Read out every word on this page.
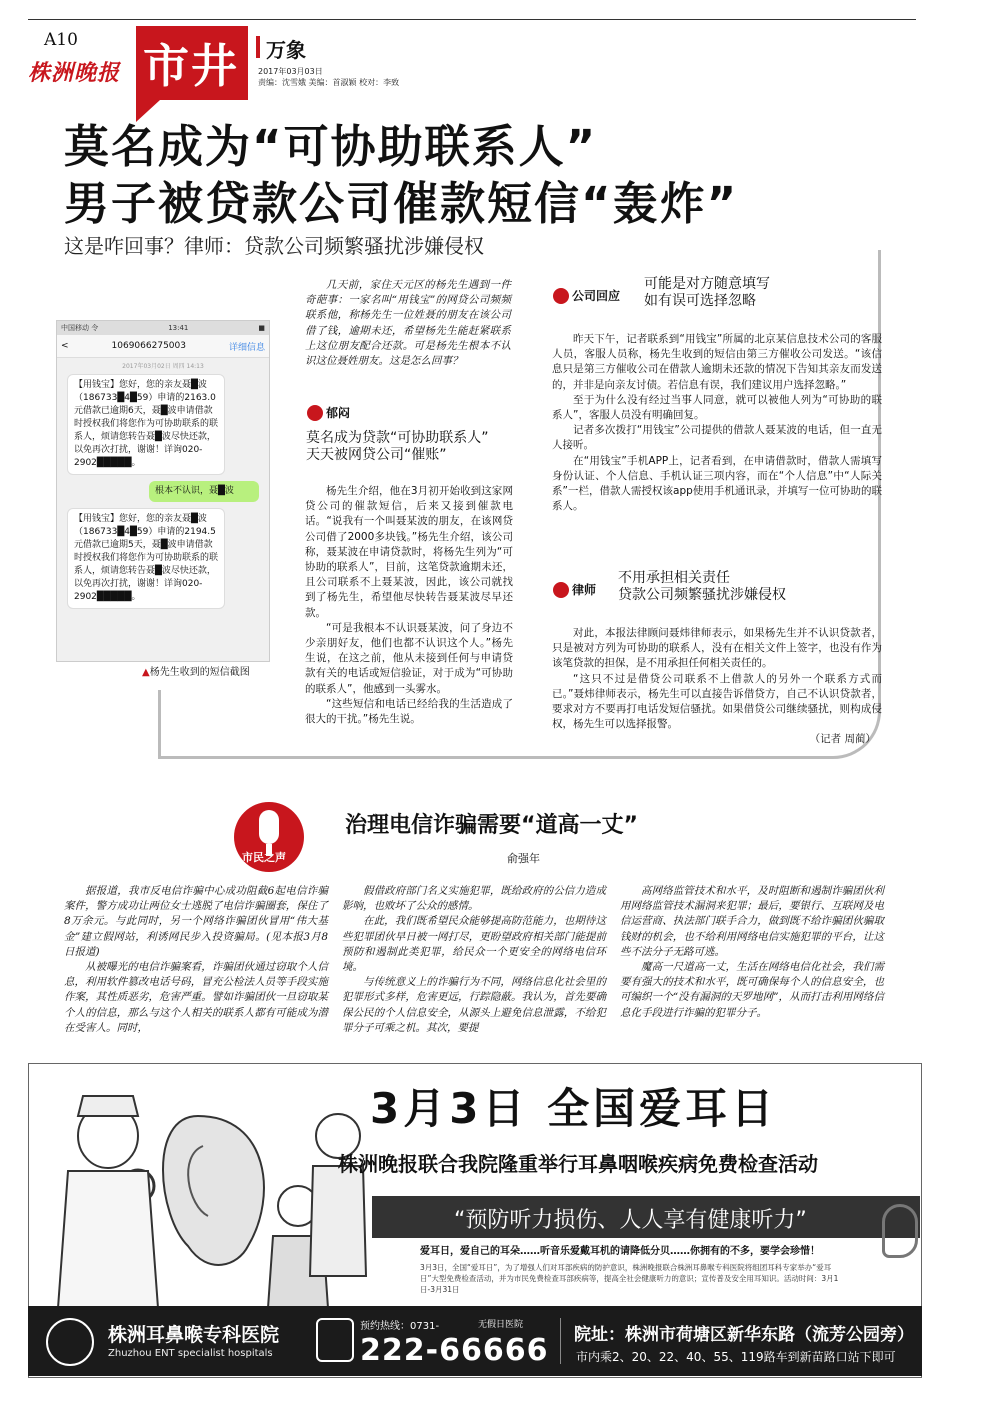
A10
株洲晚报 市井 万象
2017年03月03日
责编：沈雪娥 美编：首淑颖 校对：李致
莫名成为“可协助联系人”
男子被贷款公司催款短信“轰炸”
这是咋回事？律师：贷款公司频繁骚扰涉嫌侵权
中国移动 令	13:41	■
<	1069066275003	详细信息
2017年03月02日 周四 14:13
【用钱宝】您好，您的亲友聂█波（186733█4█59）申请的2163.0元借款已逾期6天，聂█波申请借款时授权我们将您作为可协助联系的联系人，烦请您转告聂█波尽快还款，以免再次打扰，谢谢！详询020-2902█████。
根本不认识，聂█波
【用钱宝】您好，您的亲友聂█波（186733█4█59）申请的2194.5元借款已逾期5天，聂█波申请借款时授权我们将您作为可协助联系的联系人，烦请您转告聂█波尽快还款，以免再次打扰，谢谢！详询020-2902█████。
▲杨先生收到的短信截图

几天前，家住天元区的杨先生遇到一件奇葩事：一家名叫“用钱宝”的网贷公司频频联系他，称杨先生一位姓聂的朋友在该公司借了钱，逾期未还，希望杨先生能赶紧联系上这位朋友配合还款。可是杨先生根本不认识这位聂姓朋友。这是怎么回事？

郁闷
莫名成为贷款“可协助联系人”
天天被网贷公司“催账”

杨先生介绍，他在3月初开始收到这家网贷公司的催款短信，后来又接到催款电话。“说我有一个叫聂某波的朋友，在该网贷公司借了2000多块钱。”杨先生介绍，该公司称，聂某波在申请贷款时，将杨先生列为“可协助的联系人”，目前，这笔贷款逾期未还，且公司联系不上聂某波，因此，该公司就找到了杨先生，希望他尽快转告聂某波尽早还款。

“可是我根本不认识聂某波，问了身边不少亲朋好友，他们也都不认识这个人。”杨先生说，在这之前，他从未接到任何与申请贷款有关的电话或短信验证，对于成为“可协助的联系人”，他感到一头雾水。

“这些短信和电话已经给我的生活造成了很大的干扰。”杨先生说。

公司回应
可能是对方随意填写
如有误可选择忽略

昨天下午，记者联系到“用钱宝”所属的北京某信息技术公司的客服人员，客服人员称，杨先生收到的短信由第三方催收公司发送。“该信息只是第三方催收公司在借款人逾期未还款的情况下告知其亲友而发送的，并非是向亲友讨债。若信息有误，我们建议用户选择忽略。”

至于为什么没有经过当事人同意，就可以被他人列为“可协助的联系人”，客服人员没有明确回复。

记者多次拨打“用钱宝”公司提供的借款人聂某波的电话，但一直无人接听。

在“用钱宝”手机APP上，记者看到，在申请借款时，借款人需填写身份认证、个人信息、手机认证三项内容，而在“个人信息”中“人际关系”一栏，借款人需授权该app使用手机通讯录，并填写一位可协助的联系人。

律师
不用承担相关责任
贷款公司频繁骚扰涉嫌侵权

对此，本报法律顾问聂炜律师表示，如果杨先生并不认识贷款者，只是被对方列为可协助的联系人，没有在相关文件上签字，也没有作为该笔贷款的担保，是不用承担任何相关责任的。

“这只不过是借贷公司联系不上借款人的另外一个联系方式而已。”聂炜律师表示，杨先生可以直接告诉借贷方，自己不认识贷款者，要求对方不要再打电话发短信骚扰。如果借贷公司继续骚扰，则构成侵权，杨先生可以选择报警。

（记者 周蔺）
市民之声
治理电信诈骗需要“道高一丈”
俞强年

据报道，我市反电信诈骗中心成功阻截6起电信诈骗案件，警方成功让两位女士逃脱了电信诈骗圈套，保住了8万余元。与此同时，另一个网络诈骗团伙冒用“伟大基金”建立假网站，利诱网民步入投资骗局。(见本报3月8日报道)

从被曝光的电信诈骗案看，诈骗团伙通过窃取个人信息，利用软件篡改电话号码，冒充公检法人员等手段实施作案，其性质恶劣，危害严重。譬如诈骗团伙一旦窃取某个人的信息，那么与这个人相关的联系人都有可能成为潜在受害人。同时，

假借政府部门名义实施犯罪，既给政府的公信力造成影响，也败坏了公众的感情。

在此，我们既希望民众能够提高防范能力，也期待这些犯罪团伙早日被一网打尽，更盼望政府相关部门能提前预防和遏制此类犯罪，给民众一个更安全的网络电信环境。

与传统意义上的诈骗行为不同，网络信息化社会里的犯罪形式多样，危害更远，行踪隐蔽。我认为，首先要确保公民的个人信息安全，从源头上避免信息泄露，不给犯罪分子可乘之机。其次，要提

高网络监管技术和水平，及时阻断和遏制诈骗团伙利用网络监管技术漏洞来犯罪；最后，要银行、互联网及电信运营商、执法部门联手合力，做到既不给诈骗团伙骗取钱财的机会，也不给利用网络电信实施犯罪的平台，让这些不法分子无路可逃。

魔高一尺道高一丈，生活在网络电信化社会，我们需要有强大的技术和水平，既可确保每个人的信息安全，也可编织一个“没有漏洞的天罗地网”，从而打击利用网络信息化手段进行诈骗的犯罪分子。

3月3日 全国爱耳日
株洲晚报联合我院隆重举行耳鼻咽喉疾病免费检查活动
“预防听力损伤、人人享有健康听力”
爱耳日，爱自己的耳朵……听音乐爱戴耳机的请降低分贝……你拥有的不多，要学会珍惜！
3月3日，全国“爱耳日”，为了增强人们对耳部疾病的防护意识，株洲晚报联合株洲耳鼻喉专科医院将组团耳科专家举办“爱耳日”大型免费检查活动，并为市民免费检查耳部疾病等，提高全社会健康听力的意识；宣传普及安全用耳知识。活动时间：3月1日-3月31日
株洲耳鼻喉专科医院
Zhuzhou ENT specialist hospitals
预约热线：0731-
222-66666
无假日医院	院址：株洲市荷塘区新华东路（流芳公园旁）
市内乘2、20、22、40、55、119路车到新苗路口站下即可
